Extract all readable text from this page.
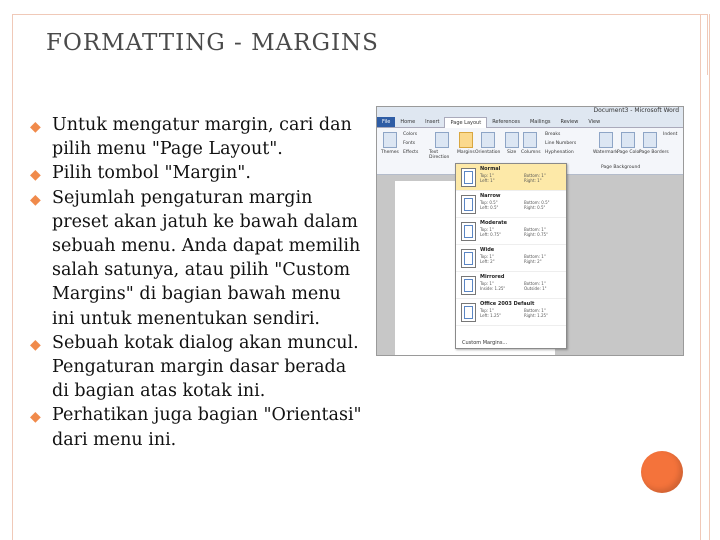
FORMATTING - MARGINS
◆ Untuk mengatur margin, cari dan pilih menu "Page Layout".
◆ Pilih tombol "Margin".
◆ Sejumlah pengaturan margin preset akan jatuh ke bawah dalam sebuah menu. Anda dapat memilih salah satunya, atau pilih "Custom Margins" di bagian bawah menu ini untuk menentukan sendiri.
◆ Sebuah kotak dialog akan muncul. Pengaturan margin dasar berada di bagian atas kotak ini.
◆ Perhatikan juga bagian "Orientasi" dari menu ini.
Document3 - Microsoft Word
File	Home	Insert	Page Layout	References	Mailings	Review	View
Themes
Colors
Fonts
Effects Text Direction
Margins Orientation Size Columns
Breaks
Line Numbers
Hyphenation	Watermark Page Color
Page Borders
Indent
Page Background
Normal
Top: 1"
Left: 1"
Bottom: 1"
Right: 1"
Narrow
Top: 0.5"
Left: 0.5"
Bottom: 0.5"
Right: 0.5"
Moderate
Top: 1"
Left: 0.75"
Bottom: 1"
Right: 0.75"
Wide
Top: 1"
Left: 2"
Bottom: 1"
Right: 2"
Mirrored
Top: 1"
Inside: 1.25"
Bottom: 1"
Outside: 1"
Office 2003 Default
Top: 1"
Left: 1.25"
Bottom: 1"
Right: 1.25"
Custom Margins...
